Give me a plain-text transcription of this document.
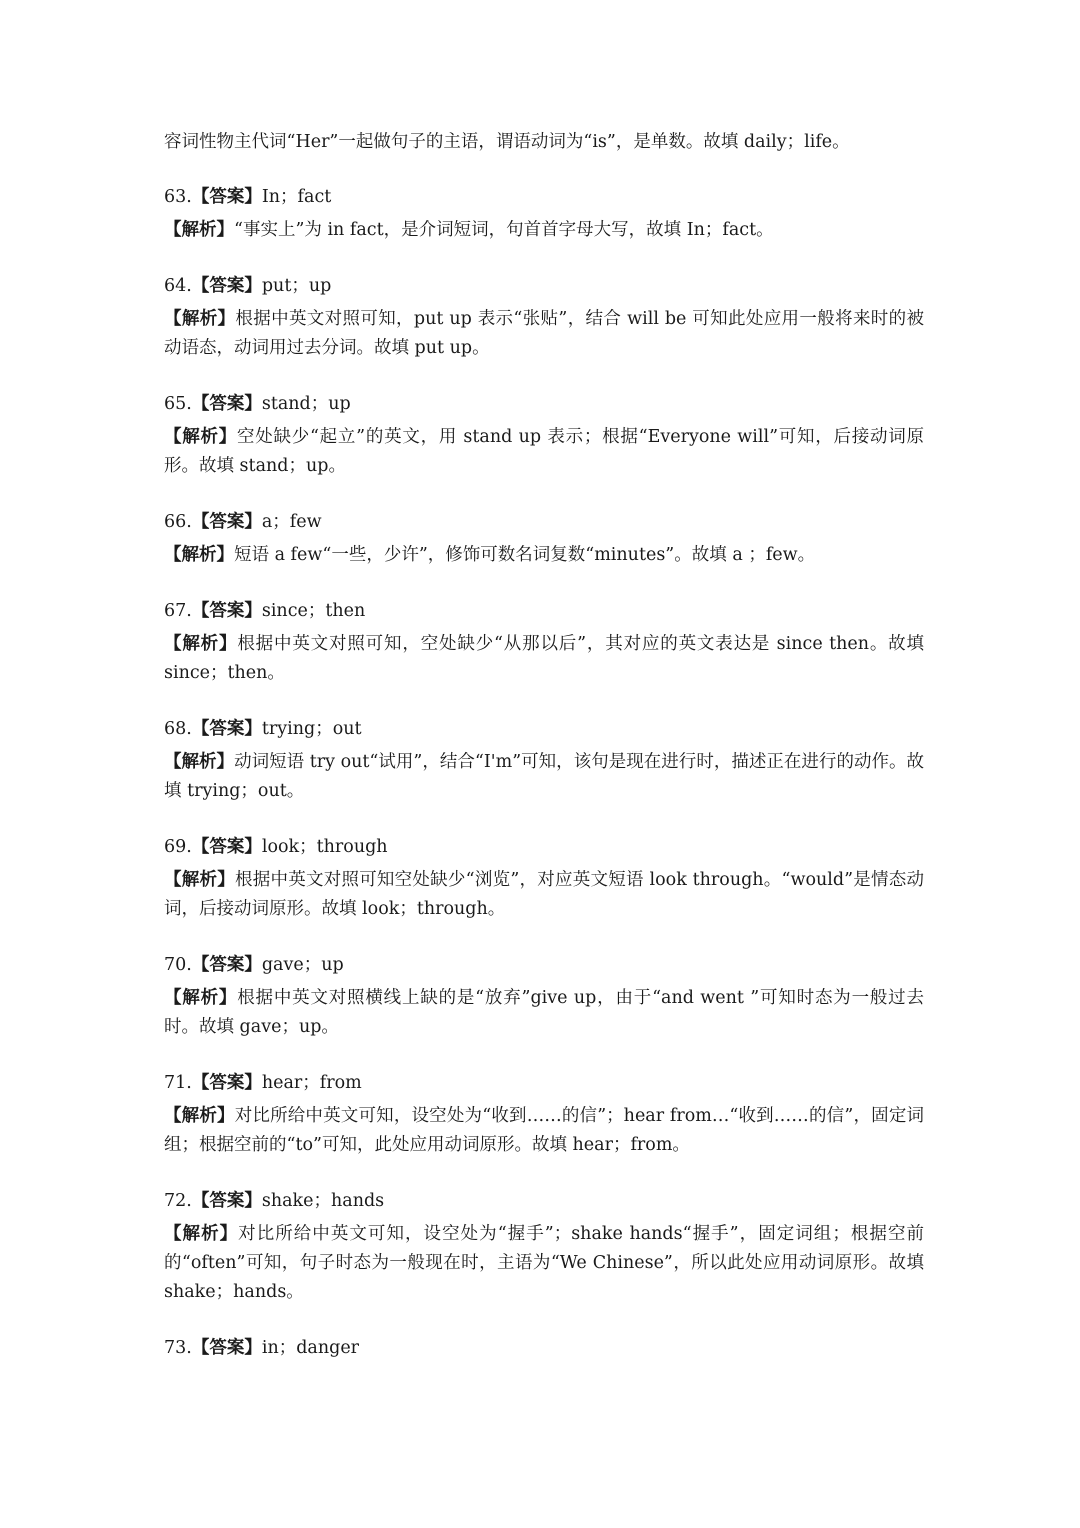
容词性物主代词“Her”一起做句子的主语，谓语动词为“is”，是单数。故填 daily；life。

63.【答案】In；fact

【解析】“事实上”为 in fact，是介词短词，句首首字母大写，故填 In；fact。

64.【答案】put；up

【解析】根据中英文对照可知，put up 表示“张贴”，结合 will be 可知此处应用一般将来时的被动语态，动词用过去分词。故填 put up。

65.【答案】stand；up

【解析】空处缺少“起立”的英文，用 stand up 表示；根据“Everyone will”可知，后接动词原形。故填 stand；up。

66.【答案】a；few

【解析】短语 a few“一些，少许”，修饰可数名词复数“minutes”。故填 a ；few。

67.【答案】since；then

【解析】根据中英文对照可知，空处缺少“从那以后”，其对应的英文表达是 since then。故填 since；then。

68.【答案】trying；out

【解析】动词短语 try out“试用”，结合“I'm”可知，该句是现在进行时，描述正在进行的动作。故填 trying；out。

69.【答案】look；through

【解析】根据中英文对照可知空处缺少“浏览”，对应英文短语 look through。“would”是情态动词，后接动词原形。故填 look；through。

70.【答案】gave；up

【解析】根据中英文对照横线上缺的是“放弃”give up，由于“and went ”可知时态为一般过去时。故填 gave；up。

71.【答案】hear；from

【解析】对比所给中英文可知，设空处为“收到……的信”；hear from…“收到……的信”，固定词组；根据空前的“to”可知，此处应用动词原形。故填 hear；from。

72.【答案】shake；hands

【解析】对比所给中英文可知，设空处为“握手”；shake hands“握手”，固定词组；根据空前的“often”可知，句子时态为一般现在时，主语为“We Chinese”，所以此处应用动词原形。故填 shake；hands。

73.【答案】in；danger
